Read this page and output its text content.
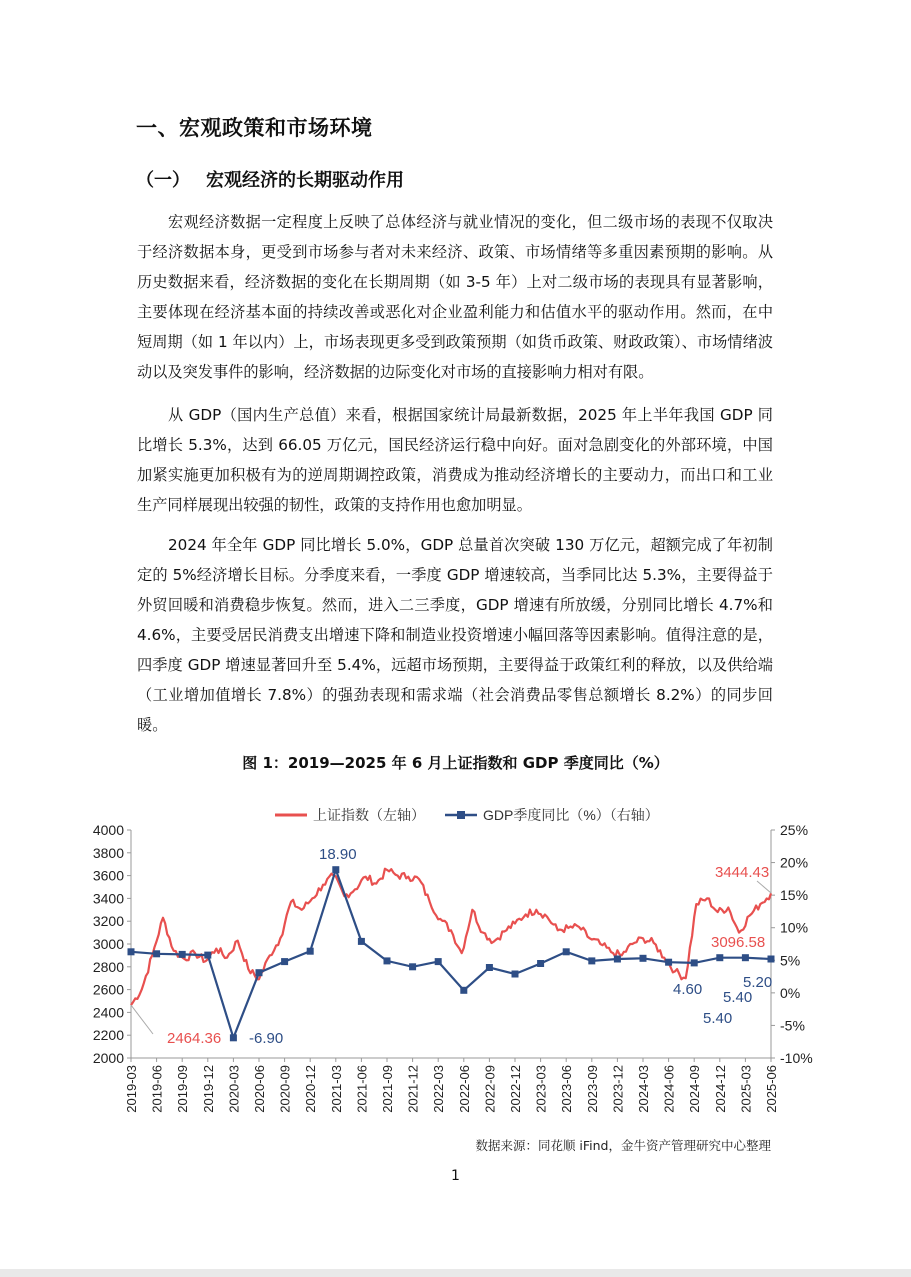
一、宏观政策和市场环境
（一） 宏观经济的长期驱动作用

宏观经济数据一定程度上反映了总体经济与就业情况的变化，但二级市场的表现不仅取决于经济数据本身，更受到市场参与者对未来经济、政策、市场情绪等多重因素预期的影响。从历史数据来看，经济数据的变化在长期周期（如 3-5 年）上对二级市场的表现具有显著影响，主要体现在经济基本面的持续改善或恶化对企业盈利能力和估值水平的驱动作用。然而，在中短周期（如 1 年以内）上，市场表现更多受到政策预期（如货币政策、财政政策）、市场情绪波动以及突发事件的影响，经济数据的边际变化对市场的直接影响力相对有限。

从 GDP（国内生产总值）来看，根据国家统计局最新数据，2025 年上半年我国 GDP 同比增长 5.3%，达到 66.05 万亿元，国民经济运行稳中向好。面对急剧变化的外部环境，中国加紧实施更加积极有为的逆周期调控政策，消费成为推动经济增长的主要动力，而出口和工业生产同样展现出较强的韧性，政策的支持作用也愈加明显。

2024 年全年 GDP 同比增长 5.0%，GDP 总量首次突破 130 万亿元，超额完成了年初制定的 5%经济增长目标。分季度来看，一季度 GDP 增速较高，当季同比达 5.3%，主要得益于外贸回暖和消费稳步恢复。然而，进入二三季度，GDP 增速有所放缓，分别同比增长 4.7%和 4.6%，主要受居民消费支出增速下降和制造业投资增速小幅回落等因素影响。值得注意的是，四季度 GDP 增速显著回升至 5.4%，远超市场预期，主要得益于政策红利的释放，以及供给端（工业增加值增长 7.8%）的强劲表现和需求端（社会消费品零售总额增长 8.2%）的同步回暖。

图 1：2019—2025 年 6 月上证指数和 GDP 季度同比（%）

上证指数（左轴）	GDP季度同比（%）（右轴）
2000
2200
2400
2600
2800
3000
3200
3400
3600
3800
4000
-10%
-5%
0%
5%
10%
15%
20%
25%
2019-03 2019-06 2019-09 2019-12 2020-03 2020-06 2020-09 2020-12 2021-03 2021-06 2021-09 2021-12 2022-03 2022-06 2022-09 2022-12 2023-03 2023-06 2023-09 2023-12 2024-03 2024-06 2024-09 2024-12 2025-03 2025-06
2464.36 -6.90
18.90
3444.43
3096.58
4.60
5.40
5.40
5.20
数据来源：同花顺 iFind，金牛资产管理研究中心整理
1
